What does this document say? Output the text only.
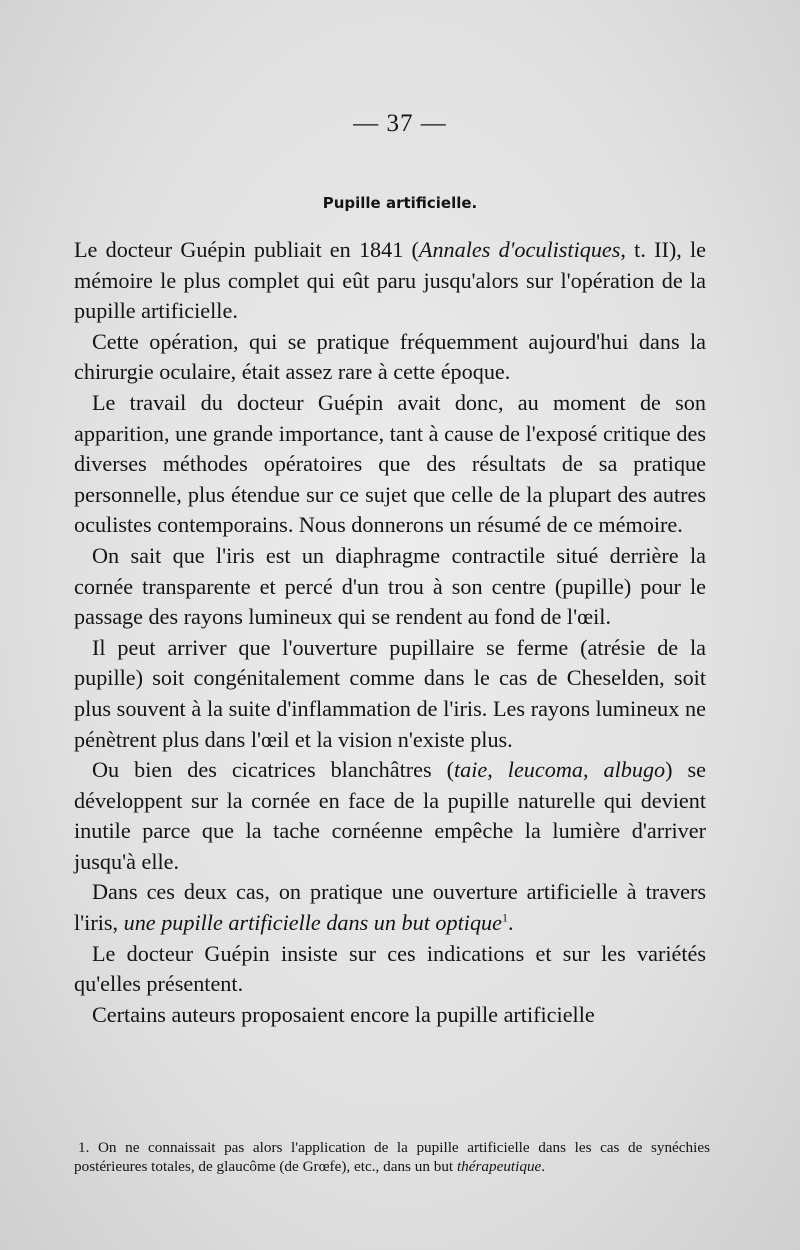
— 37 —
Pupille artificielle.

Le docteur Guépin publiait en 1841 (Annales d'oculistiques, t. II), le mémoire le plus complet qui eût paru jusqu'alors sur l'opération de la pupille artificielle.

Cette opération, qui se pratique fréquemment aujourd'hui dans la chirurgie oculaire, était assez rare à cette époque.

Le travail du docteur Guépin avait donc, au moment de son apparition, une grande importance, tant à cause de l'exposé critique des diverses méthodes opératoires que des résultats de sa pratique personnelle, plus étendue sur ce sujet que celle de la plupart des autres oculistes contemporains. Nous donnerons un résumé de ce mémoire.

On sait que l'iris est un diaphragme contractile situé derrière la cornée transparente et percé d'un trou à son centre (pupille) pour le passage des rayons lumineux qui se rendent au fond de l'œil.

Il peut arriver que l'ouverture pupillaire se ferme (atrésie de la pupille) soit congénitalement comme dans le cas de Cheselden, soit plus souvent à la suite d'inflammation de l'iris. Les rayons lumineux ne pénètrent plus dans l'œil et la vision n'existe plus.

Ou bien des cicatrices blanchâtres (taie, leucoma, albugo) se développent sur la cornée en face de la pupille naturelle qui devient inutile parce que la tache cornéenne empêche la lumière d'arriver jusqu'à elle.

Dans ces deux cas, on pratique une ouverture artificielle à travers l'iris, une pupille artificielle dans un but optique$^1$.

Le docteur Guépin insiste sur ces indications et sur les variétés qu'elles présentent.

Certains auteurs proposaient encore la pupille artificielle

1. On ne connaissait pas alors l'application de la pupille artificielle dans les cas de synéchies postérieures totales, de glaucôme (de Grœfe), etc., dans un but thérapeutique.
